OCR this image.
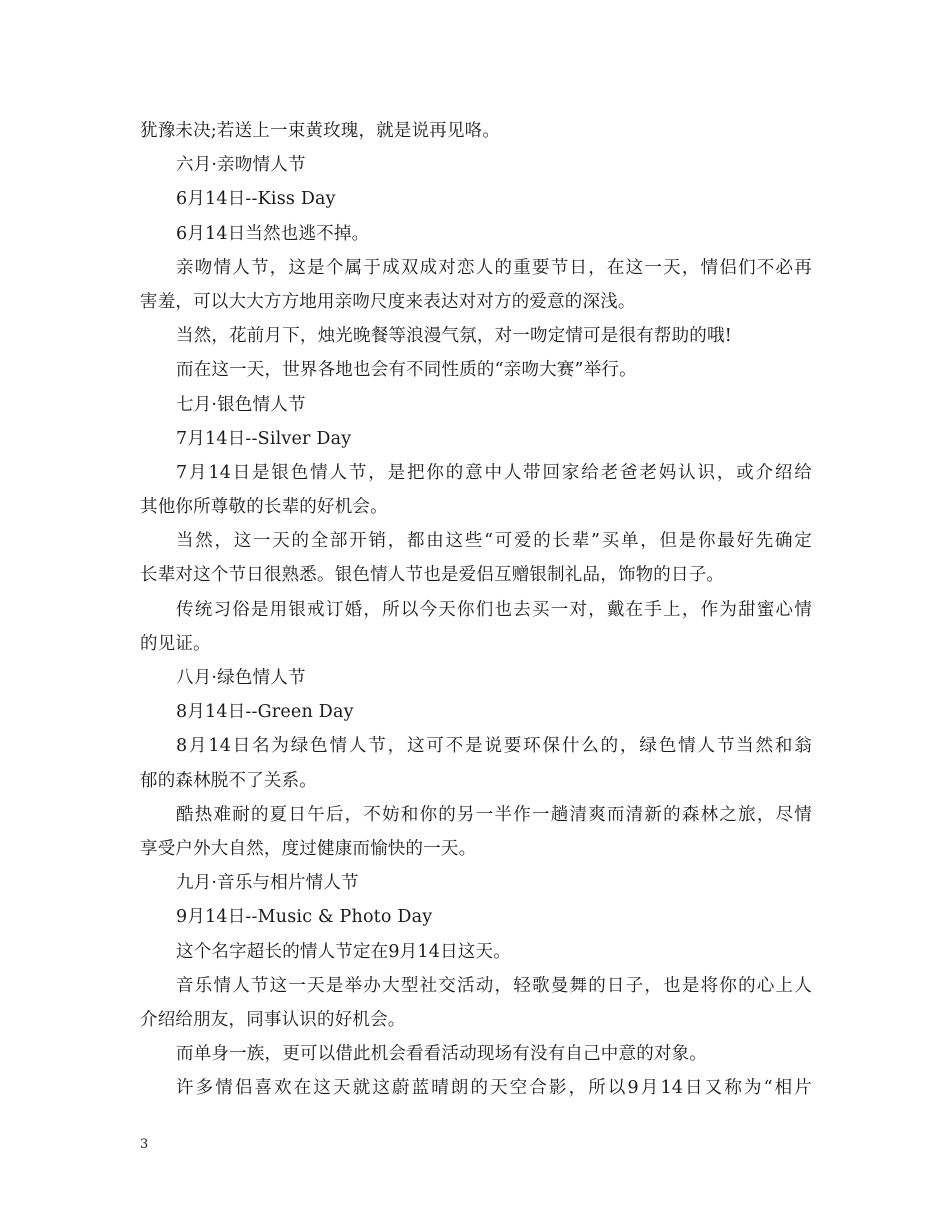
犹豫未决;若送上一束黄玫瑰，就是说再见咯。
六月·亲吻情人节
6月14日--Kiss Day
6月14日当然也逃不掉。
亲吻情人节，这是个属于成双成对恋人的重要节日，在这一天，情侣们不必再
害羞，可以大大方方地用亲吻尺度来表达对对方的爱意的深浅。
当然，花前月下，烛光晚餐等浪漫气氛，对一吻定情可是很有帮助的哦!
而在这一天，世界各地也会有不同性质的“亲吻大赛”举行。
七月·银色情人节
7月14日--Silver Day
7月14日是银色情人节，是把你的意中人带回家给老爸老妈认识，或介绍给
其他你所尊敬的长辈的好机会。
当然，这一天的全部开销，都由这些“可爱的长辈”买单，但是你最好先确定
长辈对这个节日很熟悉。银色情人节也是爱侣互赠银制礼品，饰物的日子。
传统习俗是用银戒订婚，所以今天你们也去买一对，戴在手上，作为甜蜜心情
的见证。
八月·绿色情人节
8月14日--Green Day
8月14日名为绿色情人节，这可不是说要环保什么的，绿色情人节当然和翁
郁的森林脱不了关系。
酷热难耐的夏日午后，不妨和你的另一半作一趟清爽而清新的森林之旅，尽情
享受户外大自然，度过健康而愉快的一天。
九月·音乐与相片情人节
9月14日--Music & Photo Day
这个名字超长的情人节定在9月14日这天。
音乐情人节这一天是举办大型社交活动，轻歌曼舞的日子，也是将你的心上人
介绍给朋友，同事认识的好机会。
而单身一族，更可以借此机会看看活动现场有没有自己中意的对象。
许多情侣喜欢在这天就这蔚蓝晴朗的天空合影，所以9月14日又称为“相片
3
